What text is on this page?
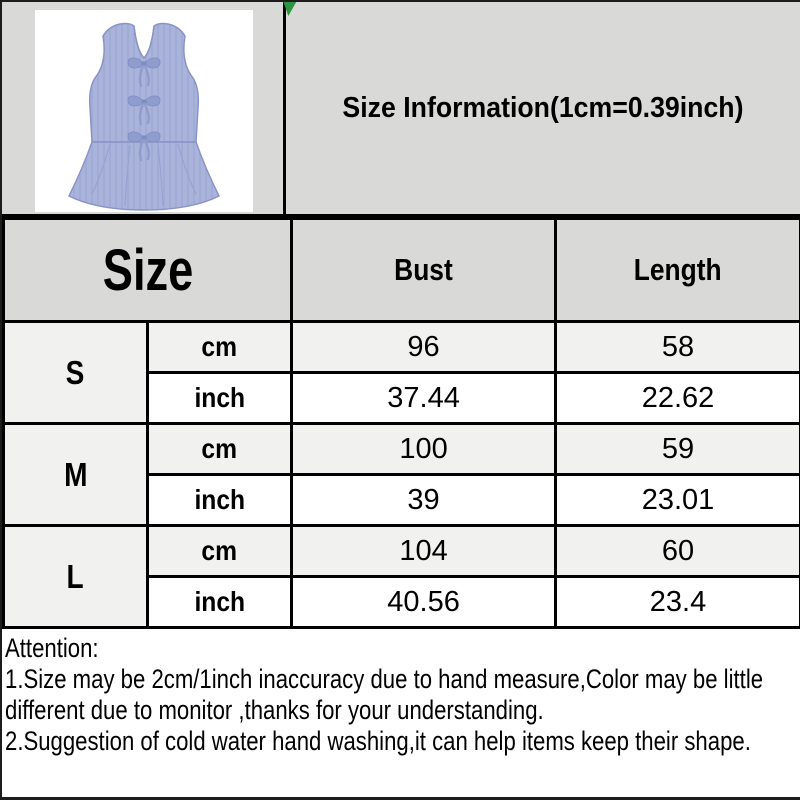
Size Information(1cm=0.39inch)
Size		Bust	Length
S	cm	96	58
	inch	37.44	22.62
M	cm	100	59
	inch	39	23.01
L	cm	104	60
	inch	40.56	23.4
Attention:
1.Size may be 2cm/1inch inaccuracy due to hand measure,Color may be little
different due to monitor ,thanks for your understanding.
2.Suggestion of cold water hand washing,it can help items keep their shape.
